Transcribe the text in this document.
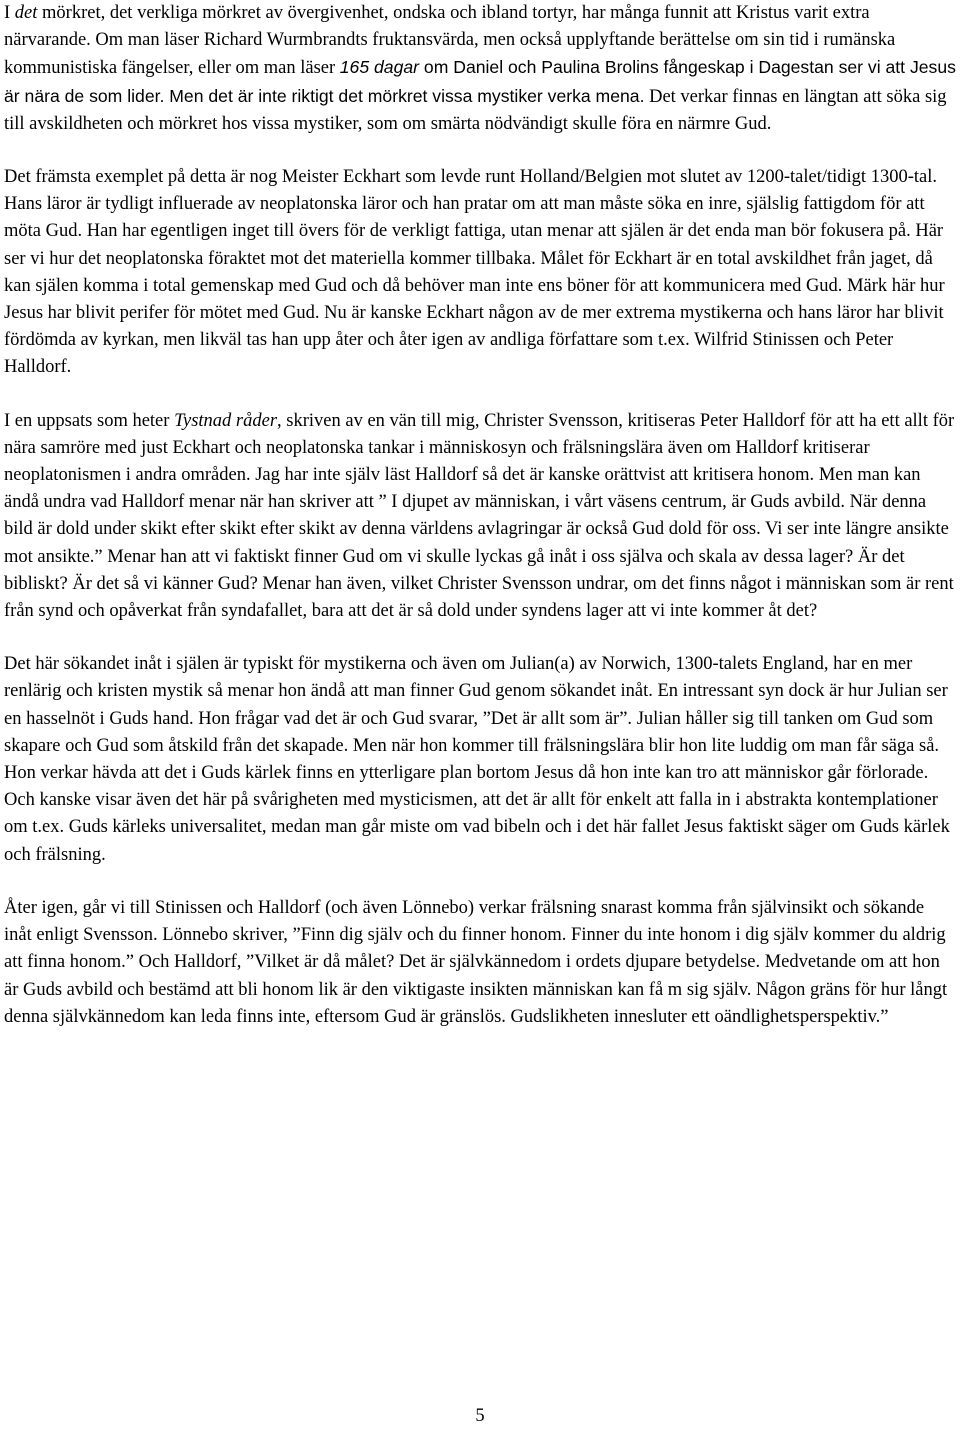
I det mörkret, det verkliga mörkret av övergivenhet, ondska och ibland tortyr, har många funnit att Kristus varit extra närvarande. Om man läser Richard Wurmbrandts fruktansvärda, men också upplyftande berättelse om sin tid i rumänska kommunistiska fängelser, eller om man läser 165 dagar om Daniel och Paulina Brolins fångeskap i Dagestan ser vi att Jesus är nära de som lider. Men det är inte riktigt det mörkret vissa mystiker verka mena. Det verkar finnas en längtan att söka sig till avskildheten och mörkret hos vissa mystiker, som om smärta nödvändigt skulle föra en närmre Gud.

Det främsta exemplet på detta är nog Meister Eckhart som levde runt Holland/Belgien mot slutet av 1200-talet/tidigt 1300-tal. Hans läror är tydligt influerade av neoplatonska läror och han pratar om att man måste söka en inre, själslig fattigdom för att möta Gud. Han har egentligen inget till övers för de verkligt fattiga, utan menar att själen är det enda man bör fokusera på. Här ser vi hur det neoplatonska föraktet mot det materiella kommer tillbaka. Målet för Eckhart är en total avskildhet från jaget, då kan själen komma i total gemenskap med Gud och då behöver man inte ens böner för att kommunicera med Gud. Märk här hur Jesus har blivit perifer för mötet med Gud. Nu är kanske Eckhart någon av de mer extrema mystikerna och hans läror har blivit fördömda av kyrkan, men likväl tas han upp åter och åter igen av andliga författare som t.ex. Wilfrid Stinissen och Peter Halldorf.

I en uppsats som heter Tystnad råder, skriven av en vän till mig, Christer Svensson, kritiseras Peter Halldorf för att ha ett allt för nära samröre med just Eckhart och neoplatonska tankar i människosyn och frälsningslära även om Halldorf kritiserar neoplatonismen i andra områden. Jag har inte själv läst Halldorf så det är kanske orättvist att kritisera honom. Men man kan ändå undra vad Halldorf menar när han skriver att ” I djupet av människan, i vårt väsens centrum, är Guds avbild. När denna bild är dold under skikt efter skikt efter skikt av denna världens avlagringar är också Gud dold för oss. Vi ser inte längre ansikte mot ansikte.” Menar han att vi faktiskt finner Gud om vi skulle lyckas gå inåt i oss själva och skala av dessa lager? Är det bibliskt? Är det så vi känner Gud? Menar han även, vilket Christer Svensson undrar, om det finns något i människan som är rent från synd och opåverkat från syndafallet, bara att det är så dold under syndens lager att vi inte kommer åt det?

Det här sökandet inåt i själen är typiskt för mystikerna och även om Julian(a) av Norwich, 1300-talets England, har en mer renlärig och kristen mystik så menar hon ändå att man finner Gud genom sökandet inåt. En intressant syn dock är hur Julian ser en hasselnöt i Guds hand. Hon frågar vad det är och Gud svarar, ”Det är allt som är”. Julian håller sig till tanken om Gud som skapare och Gud som åtskild från det skapade. Men när hon kommer till frälsningslära blir hon lite luddig om man får säga så. Hon verkar hävda att det i Guds kärlek finns en ytterligare plan bortom Jesus då hon inte kan tro att människor går förlorade. Och kanske visar även det här på svårigheten med mysticismen, att det är allt för enkelt att falla in i abstrakta kontemplationer om t.ex. Guds kärleks universalitet, medan man går miste om vad bibeln och i det här fallet Jesus faktiskt säger om Guds kärlek och frälsning.

Åter igen, går vi till Stinissen och Halldorf (och även Lönnebo) verkar frälsning snarast komma från självinsikt och sökande inåt enligt Svensson. Lönnebo skriver, ”Finn dig själv och du finner honom. Finner du inte honom i dig själv kommer du aldrig att finna honom.” Och Halldorf, ”Vilket är då målet? Det är självkännedom i ordets djupare betydelse. Medvetande om att hon är Guds avbild och bestämd att bli honom lik är den viktigaste insikten människan kan få m sig själv. Någon gräns för hur långt denna självkännedom kan leda finns inte, eftersom Gud är gränslös. Gudslikheten innesluter ett oändlighetsperspektiv.”

5
